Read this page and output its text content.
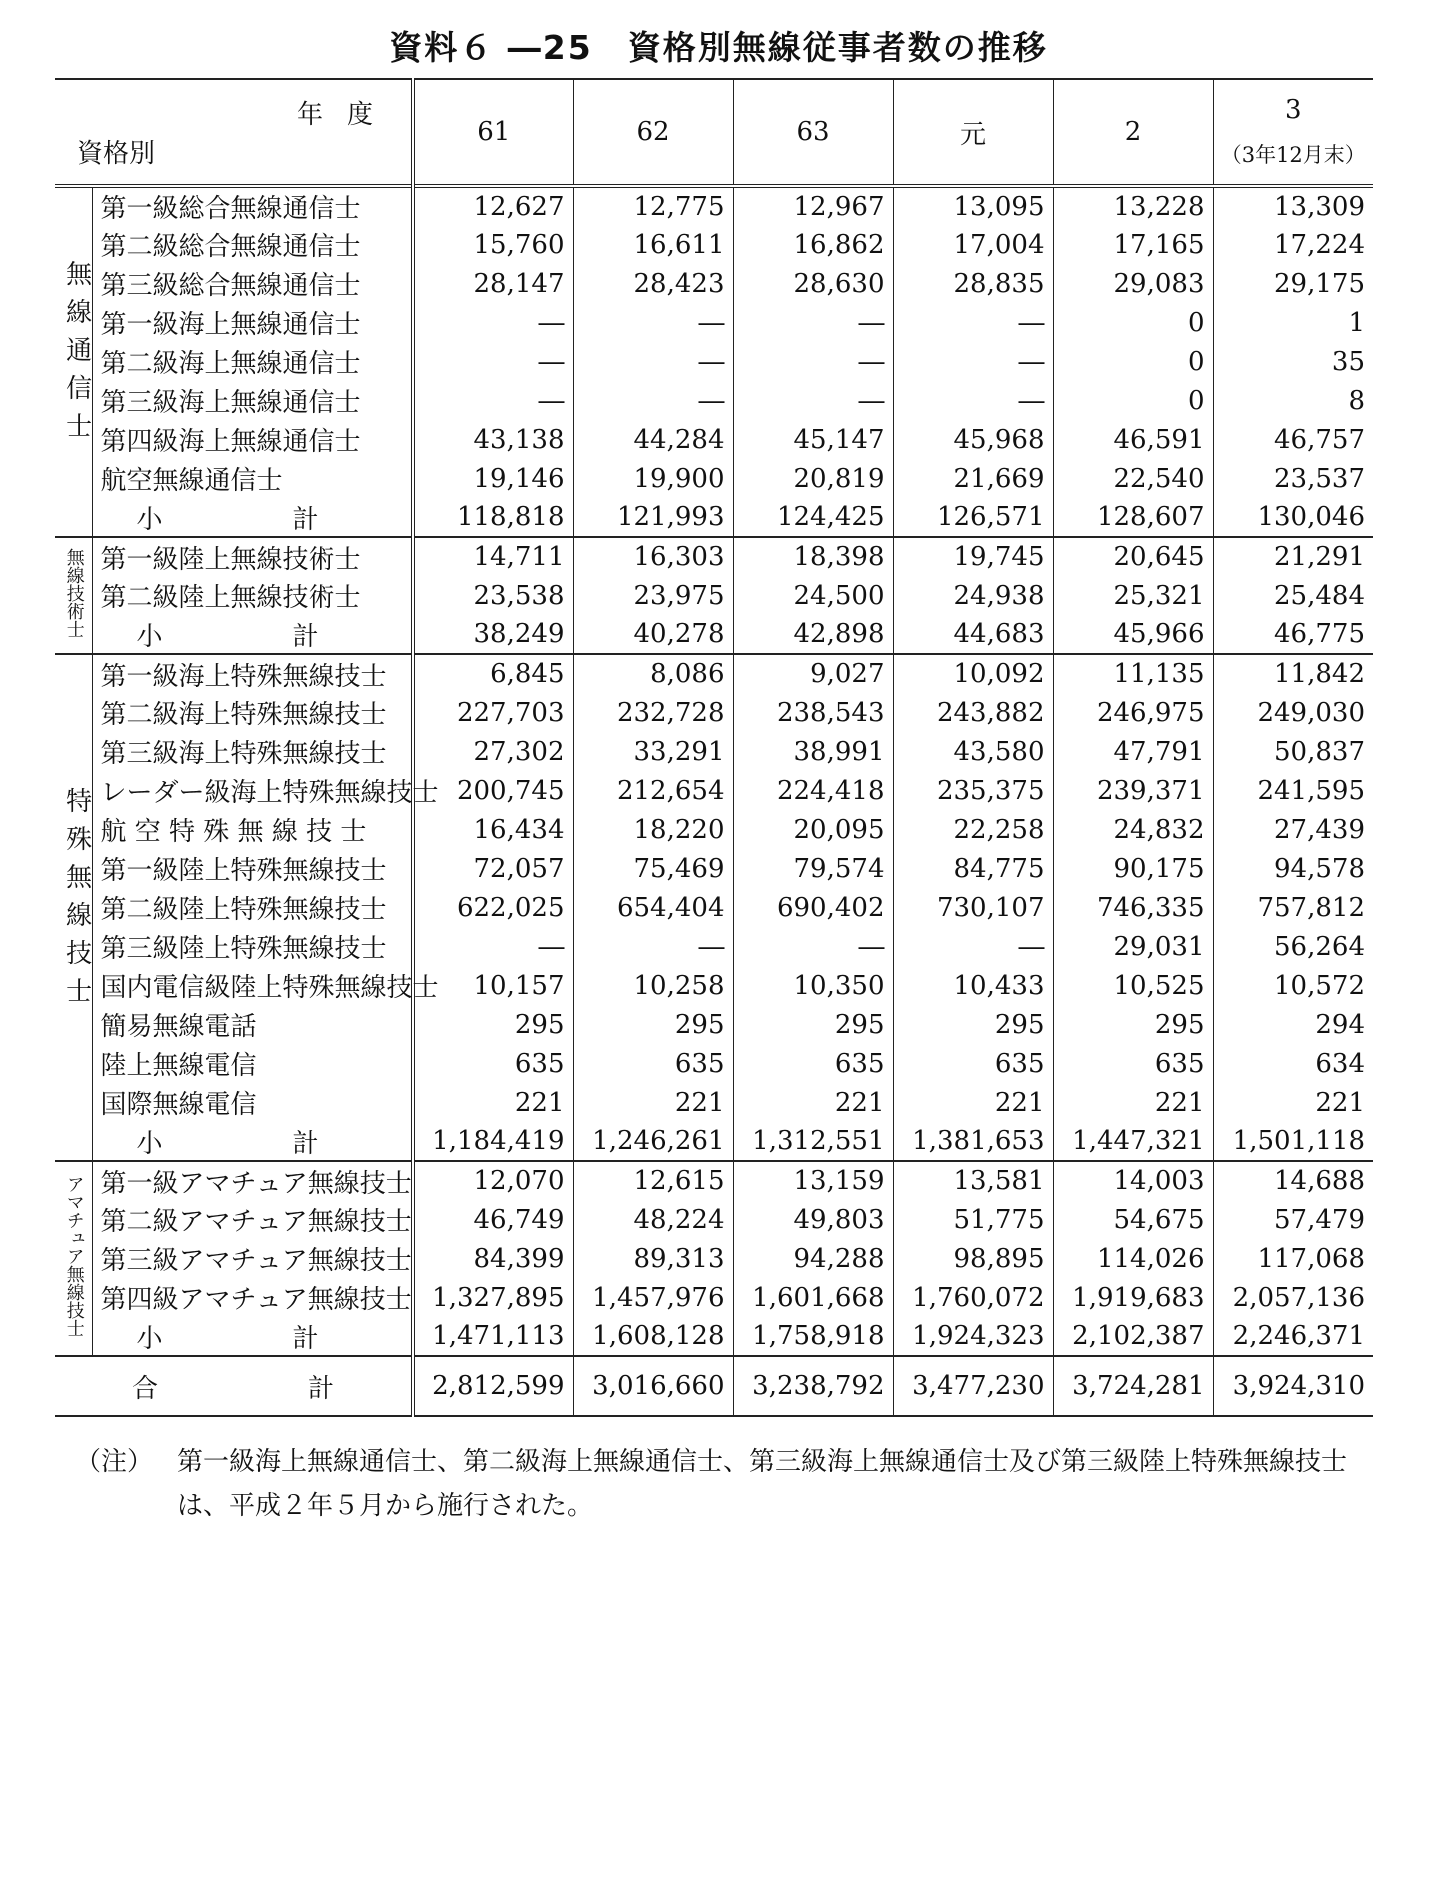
資料６ ―25　資格別無線従事者数の推移
年度
資格別		61	62	63	元	2	3
（3年12月末）

無線通信士	第一級総合無線通信士	12,627	12,775	12,967	13,095	13,228	13,309
	第二級総合無線通信士	15,760	16,611	16,862	17,004	17,165	17,224
	第三級総合無線通信士	28,147	28,423	28,630	28,835	29,083	29,175
	第一級海上無線通信士	―	―	―	―	0	1
	第二級海上無線通信士	―	―	―	―	0	35
	第三級海上無線通信士	―	―	―	―	0	8
	第四級海上無線通信士	43,138	44,284	45,147	45,968	46,591	46,757
	航空無線通信士	19,146	19,900	20,819	21,669	22,540	23,537
	小 計	118,818	121,993	124,425	126,571	128,607	130,046
無線技術士	第一級陸上無線技術士	14,711	16,303	18,398	19,745	20,645	21,291
	第二級陸上無線技術士	23,538	23,975	24,500	24,938	25,321	25,484
	小 計	38,249	40,278	42,898	44,683	45,966	46,775
特殊無線技士	第一級海上特殊無線技士	6,845	8,086	9,027	10,092	11,135	11,842
	第二級海上特殊無線技士	227,703	232,728	238,543	243,882	246,975	249,030
	第三級海上特殊無線技士	27,302	33,291	38,991	43,580	47,791	50,837
	レーダー級海上特殊無線技士	200,745	212,654	224,418	235,375	239,371	241,595
	航 空 特 殊 無 線 技 士	16,434	18,220	20,095	22,258	24,832	27,439
	第一級陸上特殊無線技士	72,057	75,469	79,574	84,775	90,175	94,578
	第二級陸上特殊無線技士	622,025	654,404	690,402	730,107	746,335	757,812
	第三級陸上特殊無線技士	―	―	―	―	29,031	56,264
	国内電信級陸上特殊無線技士	10,157	10,258	10,350	10,433	10,525	10,572
	簡易無線電話	295	295	295	295	295	294
	陸上無線電信	635	635	635	635	635	634
	国際無線電信	221	221	221	221	221	221
	小 計	1,184,419	1,246,261	1,312,551	1,381,653	1,447,321	1,501,118
アマチュア無線技士	第一級アマチュア無線技士	12,070	12,615	13,159	13,581	14,003	14,688
	第二級アマチュア無線技士	46,749	48,224	49,803	51,775	54,675	57,479
	第三級アマチュア無線技士	84,399	89,313	94,288	98,895	114,026	117,068
	第四級アマチュア無線技士	1,327,895	1,457,976	1,601,668	1,760,072	1,919,683	2,057,136
	小 計	1,471,113	1,608,128	1,758,918	1,924,323	2,102,387	2,246,371
合 計		2,812,599	3,016,660	3,238,792	3,477,230	3,724,281	3,924,310
（注） 第一級海上無線通信士、第二級海上無線通信士、第三級海上無線通信士及び第三級陸上特殊無線技士は、平成２年５月から施行された。
